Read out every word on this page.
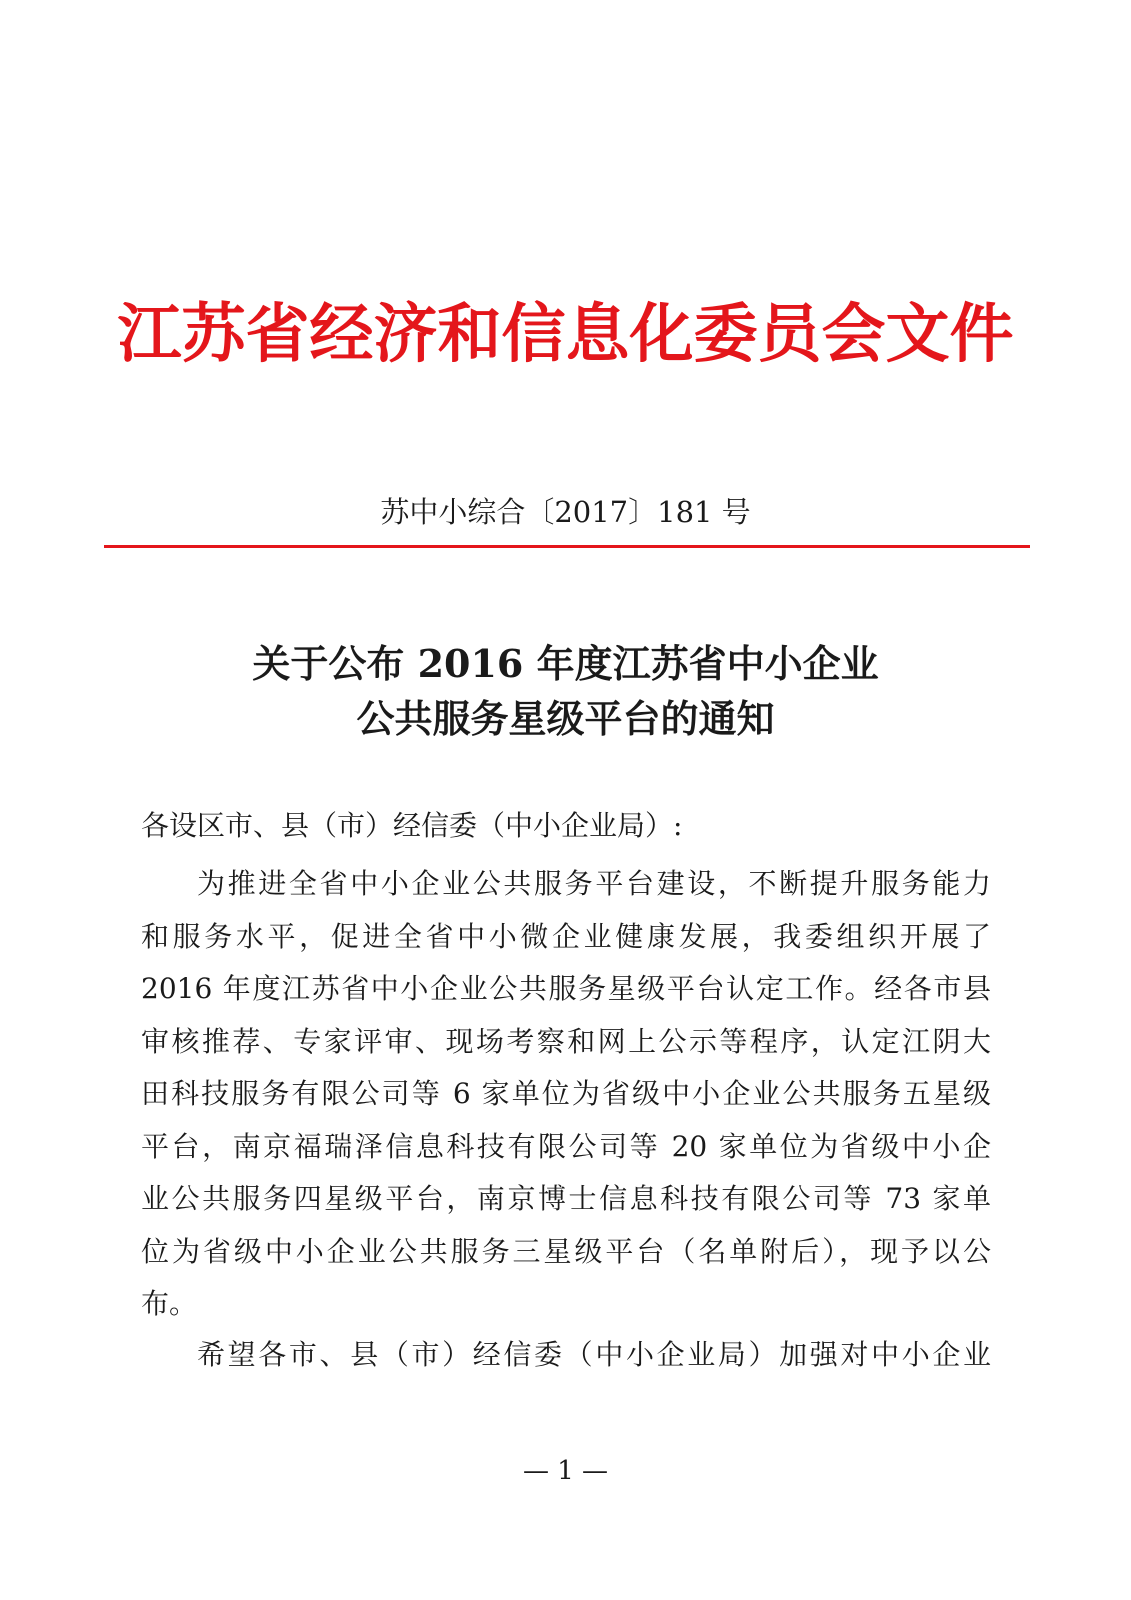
江苏省经济和信息化委员会文件
苏中小综合〔2017〕181 号
关于公布 2016 年度江苏省中小企业
公共服务星级平台的通知
各设区市、县（市）经信委（中小企业局）:
为推进全省中小企业公共服务平台建设，不断提升服务能力
和服务水平，促进全省中小微企业健康发展，我委组织开展了
2016 年度江苏省中小企业公共服务星级平台认定工作。经各市县
审核推荐、专家评审、现场考察和网上公示等程序，认定江阴大
田科技服务有限公司等 6 家单位为省级中小企业公共服务五星级
平台，南京福瑞泽信息科技有限公司等 20 家单位为省级中小企
业公共服务四星级平台，南京博士信息科技有限公司等 73 家单
位为省级中小企业公共服务三星级平台（名单附后），现予以公
布。
希望各市、县（市）经信委（中小企业局）加强对中小企业
— 1 —
